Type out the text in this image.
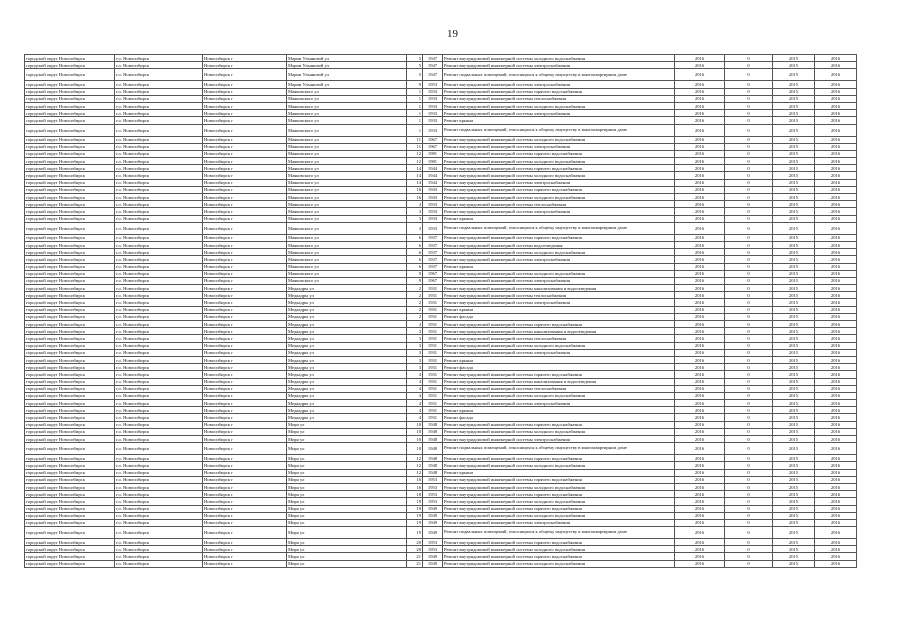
19
городской округ Новосибирск	г.о. Новосибирск	Новосибирск г	Марии Ульяновой ул	5	1947	Ремонт внутридомовой инженерной системы холодного водоснабжения	2016	0	2015	2016
городской округ Новосибирск	г.о. Новосибирск	Новосибирск г	Марии Ульяновой ул	5	1947	Ремонт внутридомовой инженерной системы электроснабжения	2016	0	2015	2016
городской округ Новосибирск	г.о. Новосибирск	Новосибирск г	Марии Ульяновой ул	5	1947	Ремонт подвальных помещений, относящихся к общему имуществу в многоквартирном доме	2016	0	2015	2016
городской округ Новосибирск	г.о. Новосибирск	Новосибирск г	Марии Ульяновой ул	9	1953	Ремонт внутридомовой инженерной системы электроснабжения	2016	0	2015	2016
городской округ Новосибирск	г.о. Новосибирск	Новосибирск г	Маяковского ул	1	1933	Ремонт внутридомовой инженерной системы горячего водоснабжения	2016	0	2015	2016
городской округ Новосибирск	г.о. Новосибирск	Новосибирск г	Маяковского ул	1	1933	Ремонт внутридомовой инженерной системы теплоснабжения	2016	0	2015	2016
городской округ Новосибирск	г.о. Новосибирск	Новосибирск г	Маяковского ул	1	1933	Ремонт внутридомовой инженерной системы холодного водоснабжения	2016	0	2015	2016
городской округ Новосибирск	г.о. Новосибирск	Новосибирск г	Маяковского ул	1	1933	Ремонт внутридомовой инженерной системы электроснабжения	2016	0	2015	2016
городской округ Новосибирск	г.о. Новосибирск	Новосибирск г	Маяковского ул	1	1933	Ремонт крыши	2016	0	2015	2016
городской округ Новосибирск	г.о. Новосибирск	Новосибирск г	Маяковского ул	1	1933	Ремонт подвальных помещений, относящихся к общему имуществу в многоквартирном доме	2016	0	2015	2016
городской округ Новосибирск	г.о. Новосибирск	Новосибирск г	Маяковского ул	11	1967	Ремонт внутридомовой инженерной системы холодного водоснабжения	2016	0	2015	2016
городской округ Новосибирск	г.о. Новосибирск	Новосибирск г	Маяковского ул	11	1967	Ремонт внутридомовой инженерной системы электроснабжения	2016	0	2015	2016
городской округ Новосибирск	г.о. Новосибирск	Новосибирск г	Маяковского ул	12	1981	Ремонт внутридомовой инженерной системы горячего водоснабжения	2016	0	2015	2016
городской округ Новосибирск	г.о. Новосибирск	Новосибирск г	Маяковского ул	12	1981	Ремонт внутридомовой инженерной системы холодного водоснабжения	2016	0	2015	2016
городской округ Новосибирск	г.о. Новосибирск	Новосибирск г	Маяковского ул	14	1944	Ремонт внутридомовой инженерной системы горячего водоснабжения	2016	0	2015	2016
городской округ Новосибирск	г.о. Новосибирск	Новосибирск г	Маяковского ул	14	1944	Ремонт внутридомовой инженерной системы холодного водоснабжения	2016	0	2015	2016
городской округ Новосибирск	г.о. Новосибирск	Новосибирск г	Маяковского ул	14	1944	Ремонт внутридомовой инженерной системы электроснабжения	2016	0	2015	2016
городской округ Новосибирск	г.о. Новосибирск	Новосибирск г	Маяковского ул	16	1943	Ремонт внутридомовой инженерной системы горячего водоснабжения	2016	0	2015	2016
городской округ Новосибирск	г.о. Новосибирск	Новосибирск г	Маяковского ул	16	1943	Ремонт внутридомовой инженерной системы холодного водоснабжения	2016	0	2015	2016
городской округ Новосибирск	г.о. Новосибирск	Новосибирск г	Маяковского ул	3	1933	Ремонт внутридомовой инженерной системы теплоснабжения	2016	0	2015	2016
городской округ Новосибирск	г.о. Новосибирск	Новосибирск г	Маяковского ул	3	1933	Ремонт внутридомовой инженерной системы электроснабжения	2016	0	2015	2016
городской округ Новосибирск	г.о. Новосибирск	Новосибирск г	Маяковского ул	3	1933	Ремонт крыши	2016	0	2015	2016
городской округ Новосибирск	г.о. Новосибирск	Новосибирск г	Маяковского ул	3	1933	Ремонт подвальных помещений, относящихся к общему имуществу в многоквартирном доме	2016	0	2015	2016
городской округ Новосибирск	г.о. Новосибирск	Новосибирск г	Маяковского ул	6	1937	Ремонт внутридомовой инженерной системы горячего водоснабжения	2016	0	2015	2016
городской округ Новосибирск	г.о. Новосибирск	Новосибирск г	Маяковского ул	6	1937	Ремонт внутридомовой инженерной системы водоотведения	2016	0	2015	2016
городской округ Новосибирск	г.о. Новосибирск	Новосибирск г	Маяковского ул	6	1937	Ремонт внутридомовой инженерной системы холодного водоснабжения	2016	0	2015	2016
городской округ Новосибирск	г.о. Новосибирск	Новосибирск г	Маяковского ул	6	1937	Ремонт внутридомовой инженерной системы электроснабжения	2016	0	2015	2016
городской округ Новосибирск	г.о. Новосибирск	Новосибирск г	Маяковского ул	6	1937	Ремонт крыши	2016	0	2015	2016
городской округ Новосибирск	г.о. Новосибирск	Новосибирск г	Маяковского ул	9	1967	Ремонт внутридомовой инженерной системы холодного водоснабжения	2016	0	2015	2016
городской округ Новосибирск	г.о. Новосибирск	Новосибирск г	Маяковского ул	9	1967	Ремонт внутридомовой инженерной системы электроснабжения	2016	0	2015	2016
городской округ Новосибирск	г.о. Новосибирск	Новосибирск г	Медкадры ул	2	1931	Ремонт внутридомовой инженерной системы канализования и водоотведения	2016	0	2015	2016
городской округ Новосибирск	г.о. Новосибирск	Новосибирск г	Медкадры ул	2	1931	Ремонт внутридомовой инженерной системы теплоснабжения	2016	0	2015	2016
городской округ Новосибирск	г.о. Новосибирск	Новосибирск г	Медкадры ул	2	1931	Ремонт внутридомовой инженерной системы электроснабжения	2016	0	2015	2016
городской округ Новосибирск	г.о. Новосибирск	Новосибирск г	Медкадры ул	2	1931	Ремонт крыши	2016	0	2015	2016
городской округ Новосибирск	г.о. Новосибирск	Новосибирск г	Медкадры ул	2	1931	Ремонт фасада	2016	0	2015	2016
городской округ Новосибирск	г.о. Новосибирск	Новосибирск г	Медкадры ул	3	1931	Ремонт внутридомовой инженерной системы горячего водоснабжения	2016	0	2015	2016
городской округ Новосибирск	г.о. Новосибирск	Новосибирск г	Медкадры ул	3	1931	Ремонт внутридомовой инженерной системы канализования и водоотведения	2016	0	2015	2016
городской округ Новосибирск	г.о. Новосибирск	Новосибирск г	Медкадры ул	3	1931	Ремонт внутридомовой инженерной системы теплоснабжения	2016	0	2015	2016
городской округ Новосибирск	г.о. Новосибирск	Новосибирск г	Медкадры ул	3	1931	Ремонт внутридомовой инженерной системы холодного водоснабжения	2016	0	2015	2016
городской округ Новосибирск	г.о. Новосибирск	Новосибирск г	Медкадры ул	3	1931	Ремонт внутридомовой инженерной системы электроснабжения	2016	0	2015	2016
городской округ Новосибирск	г.о. Новосибирск	Новосибирск г	Медкадры ул	3	1931	Ремонт крыши	2016	0	2015	2016
городской округ Новосибирск	г.о. Новосибирск	Новосибирск г	Медкадры ул	3	1931	Ремонт фасада	2016	0	2015	2016
городской округ Новосибирск	г.о. Новосибирск	Новосибирск г	Медкадры ул	4	1931	Ремонт внутридомовой инженерной системы горячего водоснабжения	2016	0	2015	2016
городской округ Новосибирск	г.о. Новосибирск	Новосибирск г	Медкадры ул	4	1931	Ремонт внутридомовой инженерной системы канализования и водоотведения	2016	0	2015	2016
городской округ Новосибирск	г.о. Новосибирск	Новосибирск г	Медкадры ул	4	1931	Ремонт внутридомовой инженерной системы теплоснабжения	2016	0	2015	2016
городской округ Новосибирск	г.о. Новосибирск	Новосибирск г	Медкадры ул	4	1931	Ремонт внутридомовой инженерной системы холодного водоснабжения	2016	0	2015	2016
городской округ Новосибирск	г.о. Новосибирск	Новосибирск г	Медкадры ул	4	1931	Ремонт внутридомовой инженерной системы электроснабжения	2016	0	2015	2016
городской округ Новосибирск	г.о. Новосибирск	Новосибирск г	Медкадры ул	4	1931	Ремонт крыши	2016	0	2015	2016
городской округ Новосибирск	г.о. Новосибирск	Новосибирск г	Медкадры ул	4	1931	Ремонт фасада	2016	0	2015	2016
городской округ Новосибирск	г.о. Новосибирск	Новосибирск г	Мира ул	10	1948	Ремонт внутридомовой инженерной системы горячего водоснабжения	2016	0	2015	2016
городской округ Новосибирск	г.о. Новосибирск	Новосибирск г	Мира ул	10	1948	Ремонт внутридомовой инженерной системы холодного водоснабжения	2016	0	2015	2016
городской округ Новосибирск	г.о. Новосибирск	Новосибирск г	Мира ул	10	1948	Ремонт внутридомовой инженерной системы электроснабжения	2016	0	2015	2016
городской округ Новосибирск	г.о. Новосибирск	Новосибирск г	Мира ул	10	1948	Ремонт подвальных помещений, относящихся к общему имуществу в многоквартирном доме	2016	0	2015	2016
городской округ Новосибирск	г.о. Новосибирск	Новосибирск г	Мира ул	12	1948	Ремонт внутридомовой инженерной системы горячего водоснабжения	2016	0	2015	2016
городской округ Новосибирск	г.о. Новосибирск	Новосибирск г	Мира ул	12	1948	Ремонт внутридомовой инженерной системы холодного водоснабжения	2016	0	2015	2016
городской округ Новосибирск	г.о. Новосибирск	Новосибирск г	Мира ул	12	1948	Ремонт крыши	2016	0	2015	2016
городской округ Новосибирск	г.о. Новосибирск	Новосибирск г	Мира ул	16	1953	Ремонт внутридомовой инженерной системы горячего водоснабжения	2016	0	2015	2016
городской округ Новосибирск	г.о. Новосибирск	Новосибирск г	Мира ул	16	1953	Ремонт внутридомовой инженерной системы холодного водоснабжения	2016	0	2015	2016
городской округ Новосибирск	г.о. Новосибирск	Новосибирск г	Мира ул	18	1953	Ремонт внутридомовой инженерной системы горячего водоснабжения	2016	0	2015	2016
городской округ Новосибирск	г.о. Новосибирск	Новосибирск г	Мира ул	18	1953	Ремонт внутридомовой инженерной системы холодного водоснабжения	2016	0	2015	2016
городской округ Новосибирск	г.о. Новосибирск	Новосибирск г	Мира ул	19	1949	Ремонт внутридомовой инженерной системы горячего водоснабжения	2016	0	2015	2016
городской округ Новосибирск	г.о. Новосибирск	Новосибирск г	Мира ул	19	1949	Ремонт внутридомовой инженерной системы холодного водоснабжения	2016	0	2015	2016
городской округ Новосибирск	г.о. Новосибирск	Новосибирск г	Мира ул	19	1949	Ремонт внутридомовой инженерной системы электроснабжения	2016	0	2015	2016
городской округ Новосибирск	г.о. Новосибирск	Новосибирск г	Мира ул	19	1949	Ремонт подвальных помещений, относящихся к общему имуществу в многоквартирном доме	2016	0	2015	2016
городской округ Новосибирск	г.о. Новосибирск	Новосибирск г	Мира ул	20	1953	Ремонт внутридомовой инженерной системы горячего водоснабжения	2016	0	2015	2016
городской округ Новосибирск	г.о. Новосибирск	Новосибирск г	Мира ул	20	1953	Ремонт внутридомовой инженерной системы холодного водоснабжения	2016	0	2015	2016
городской округ Новосибирск	г.о. Новосибирск	Новосибирск г	Мира ул	21	1949	Ремонт внутридомовой инженерной системы горячего водоснабжения	2016	0	2015	2016
городской округ Новосибирск	г.о. Новосибирск	Новосибирск г	Мира ул	21	1949	Ремонт внутридомовой инженерной системы холодного водоснабжения	2016	0	2015	2016
